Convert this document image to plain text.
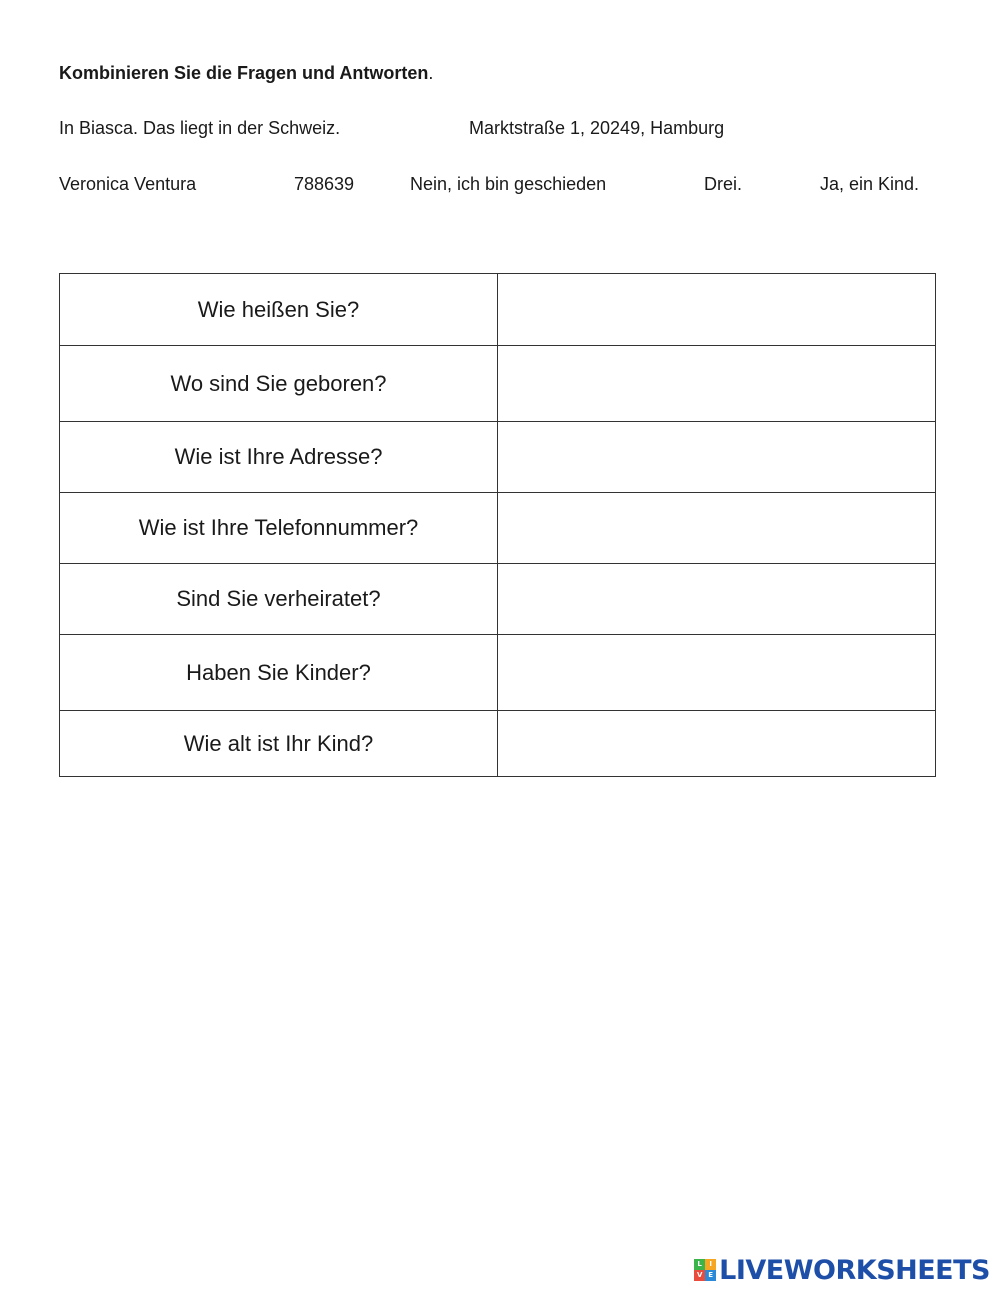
Kombinieren Sie die Fragen und Antworten.
In Biasca. Das liegt in der Schweiz.	Marktstraße 1, 20249, Hamburg
Veronica Ventura	788639	Nein, ich bin geschieden	Drei.	Ja, ein Kind.
Wie heißen Sie?	
Wo sind Sie geboren?	
Wie ist Ihre Adresse?	
Wie ist Ihre Telefonnummer?	
Sind Sie verheiratet?	
Haben Sie Kinder?	
Wie alt ist Ihr Kind?	
L	I
V E LIVEWORKSHEETS
